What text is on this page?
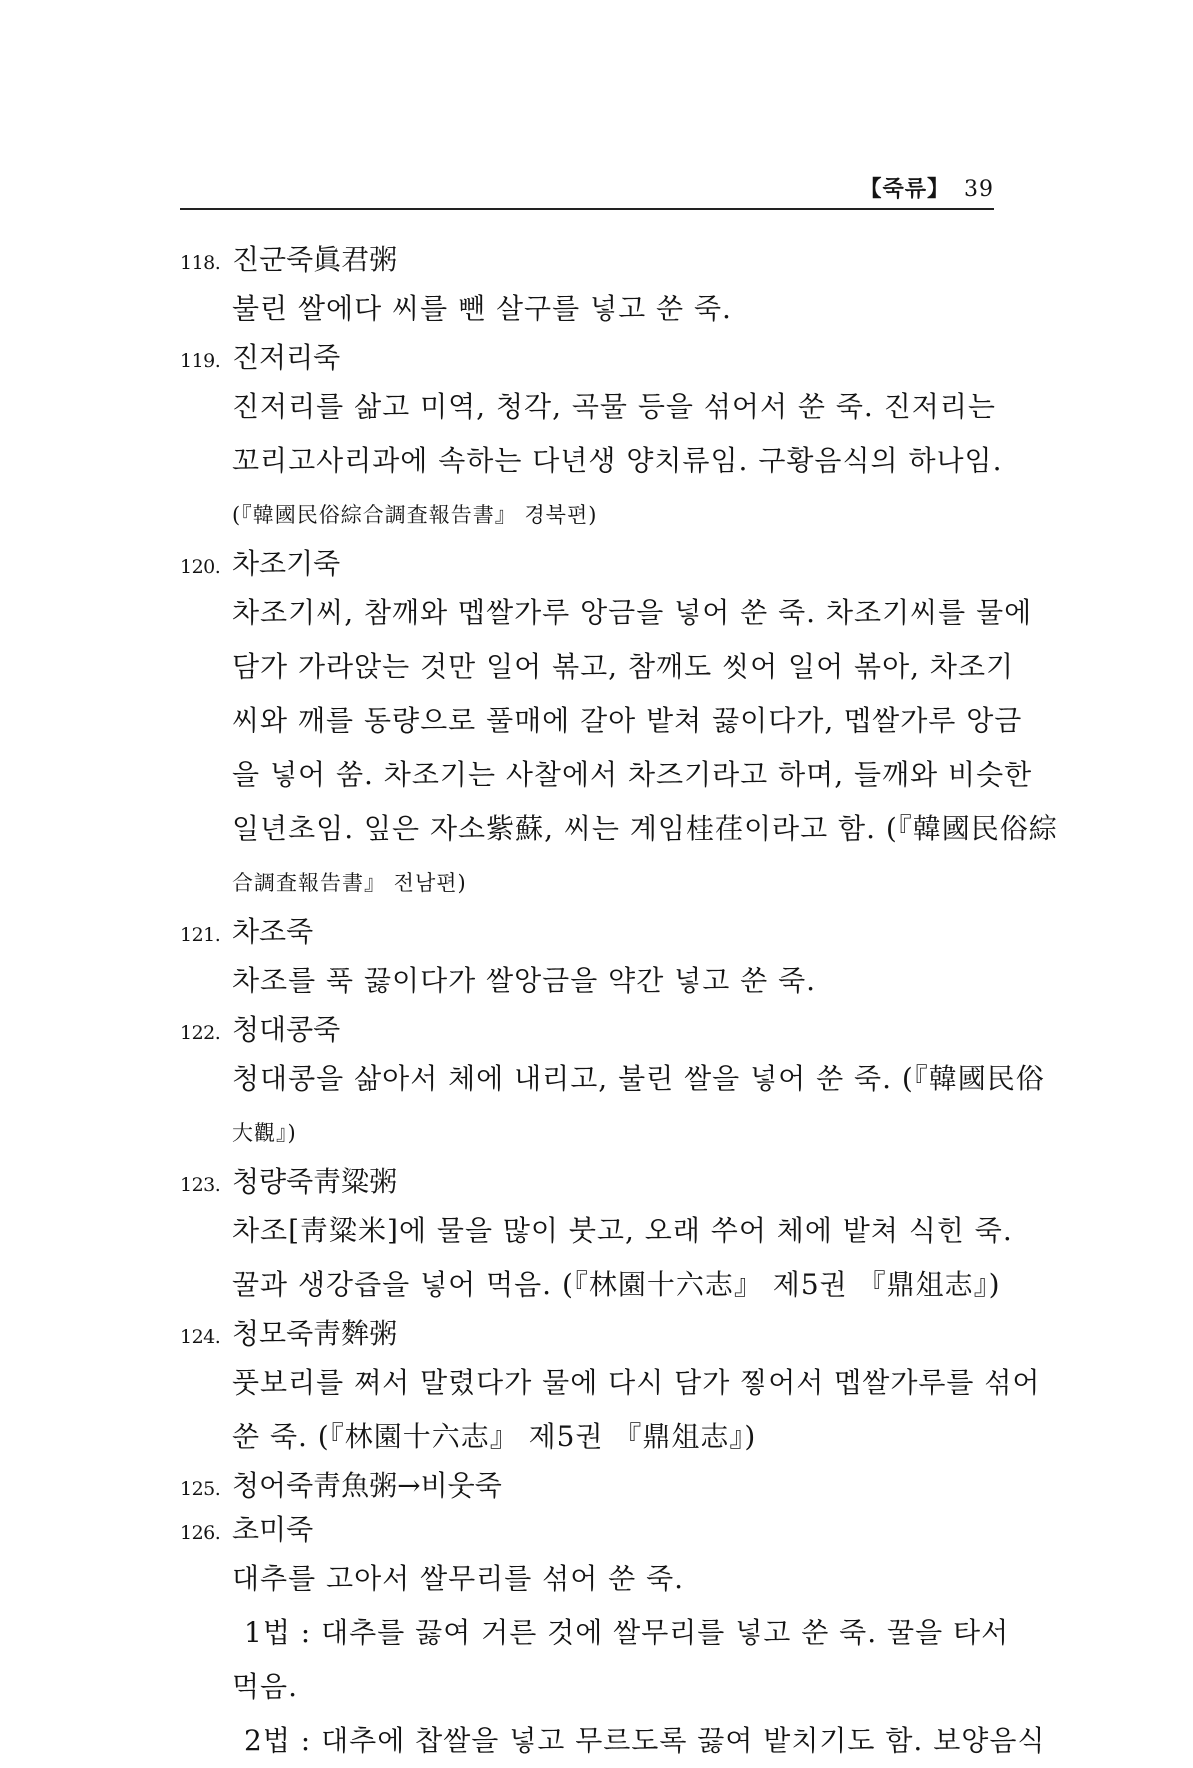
【죽류】 39
118. 진군죽眞君粥
불린 쌀에다 씨를 뺀 살구를 넣고 쑨 죽.
119. 진저리죽
진저리를 삶고 미역, 청각, 곡물 등을 섞어서 쑨 죽. 진저리는
꼬리고사리과에 속하는 다년생 양치류임. 구황음식의 하나임.
(『韓國民俗綜合調査報告書』 경북편)
120. 차조기죽
차조기씨, 참깨와 멥쌀가루 앙금을 넣어 쑨 죽. 차조기씨를 물에
담가 가라앉는 것만 일어 볶고, 참깨도 씻어 일어 볶아, 차조기
씨와 깨를 동량으로 풀매에 갈아 밭쳐 끓이다가, 멥쌀가루 앙금
을 넣어 쑴. 차조기는 사찰에서 차즈기라고 하며, 들깨와 비슷한
일년초임. 잎은 자소紫蘇, 씨는 계임桂荏이라고 함. (『韓國民俗綜
合調査報告書』 전남편)
121. 차조죽
차조를 푹 끓이다가 쌀앙금을 약간 넣고 쑨 죽.
122. 청대콩죽
청대콩을 삶아서 체에 내리고, 불린 쌀을 넣어 쑨 죽. (『韓國民俗
大觀』)
123. 청량죽靑粱粥
차조[靑粱米]에 물을 많이 붓고, 오래 쑤어 체에 밭쳐 식힌 죽.
꿀과 생강즙을 넣어 먹음. (『林園十六志』 제5권 『鼎俎志』)
124. 청모죽靑麰粥
풋보리를 쪄서 말렸다가 물에 다시 담가 찧어서 멥쌀가루를 섞어
쑨 죽. (『林園十六志』 제5권 『鼎俎志』)
125. 청어죽靑魚粥→비웃죽
126. 초미죽
대추를 고아서 쌀무리를 섞어 쑨 죽.
1법 : 대추를 끓여 거른 것에 쌀무리를 넣고 쑨 죽. 꿀을 타서
먹음.
2법 : 대추에 찹쌀을 넣고 무르도록 끓여 밭치기도 함. 보양음식
